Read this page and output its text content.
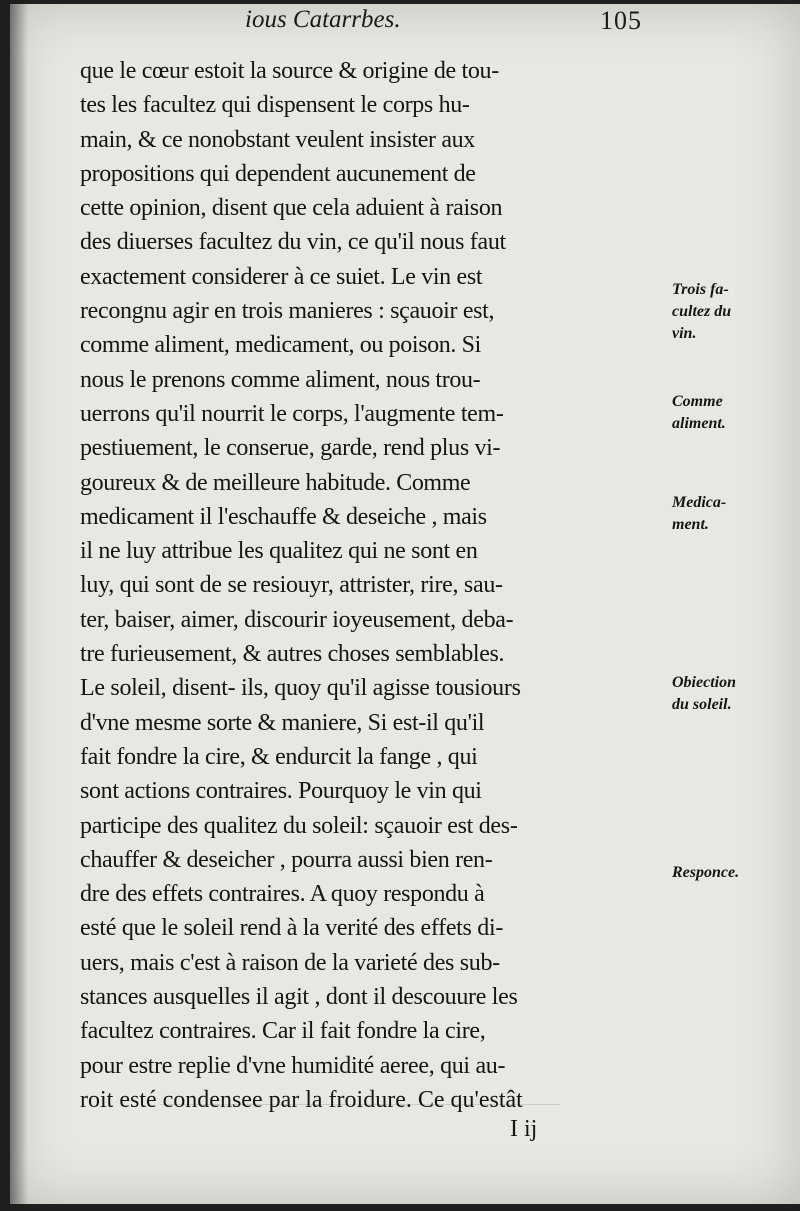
ious Catarrbes.	105
que le cœur estoit la source & origine de tou-
tes les facultez qui dispensent le corps hu-
main, & ce nonobstant veulent insister aux
propositions qui dependent aucunement de
cette opinion, disent que cela aduient à raison
des diuerses facultez du vin, ce qu'il nous faut
exactement considerer à ce suiet. Le vin est
recongnu agir en trois manieres : sçauoir est,
comme aliment, medicament, ou poison. Si
nous le prenons comme aliment, nous trou-
uerrons qu'il nourrit le corps, l'augmente tem-
pestiuement, le conserue, garde, rend plus vi-
goureux & de meilleure habitude. Comme
medicament il l'eschauffe & deseiche , mais
il ne luy attribue les qualitez qui ne sont en
luy, qui sont de se resiouyr, attrister, rire, sau-
ter, baiser, aimer, discourir ioyeusement, deba-
tre furieusement, & autres choses semblables.
Le soleil, disent- ils, quoy qu'il agisse tousiours
d'vne mesme sorte & maniere, Si est-il qu'il
fait fondre la cire, & endurcit la fange , qui
sont actions contraires. Pourquoy le vin qui
participe des qualitez du soleil: sçauoir est des-
chauffer & deseicher , pourra aussi bien ren-
dre des effets contraires. A quoy respondu à
esté que le soleil rend à la verité des effets di-
uers, mais c'est à raison de la varieté des sub-
stances ausquelles il agit , dont il descouure les
facultez contraires. Car il fait fondre la cire,
pour estre replie d'vne humidité aeree, qui au-
roit esté condensee par la froidure. Ce qu'estât
Trois fa-
cultez du
vin.
Comme
aliment.
Medica-
ment.
Obiection
du soleil.
Responce.
I ij
